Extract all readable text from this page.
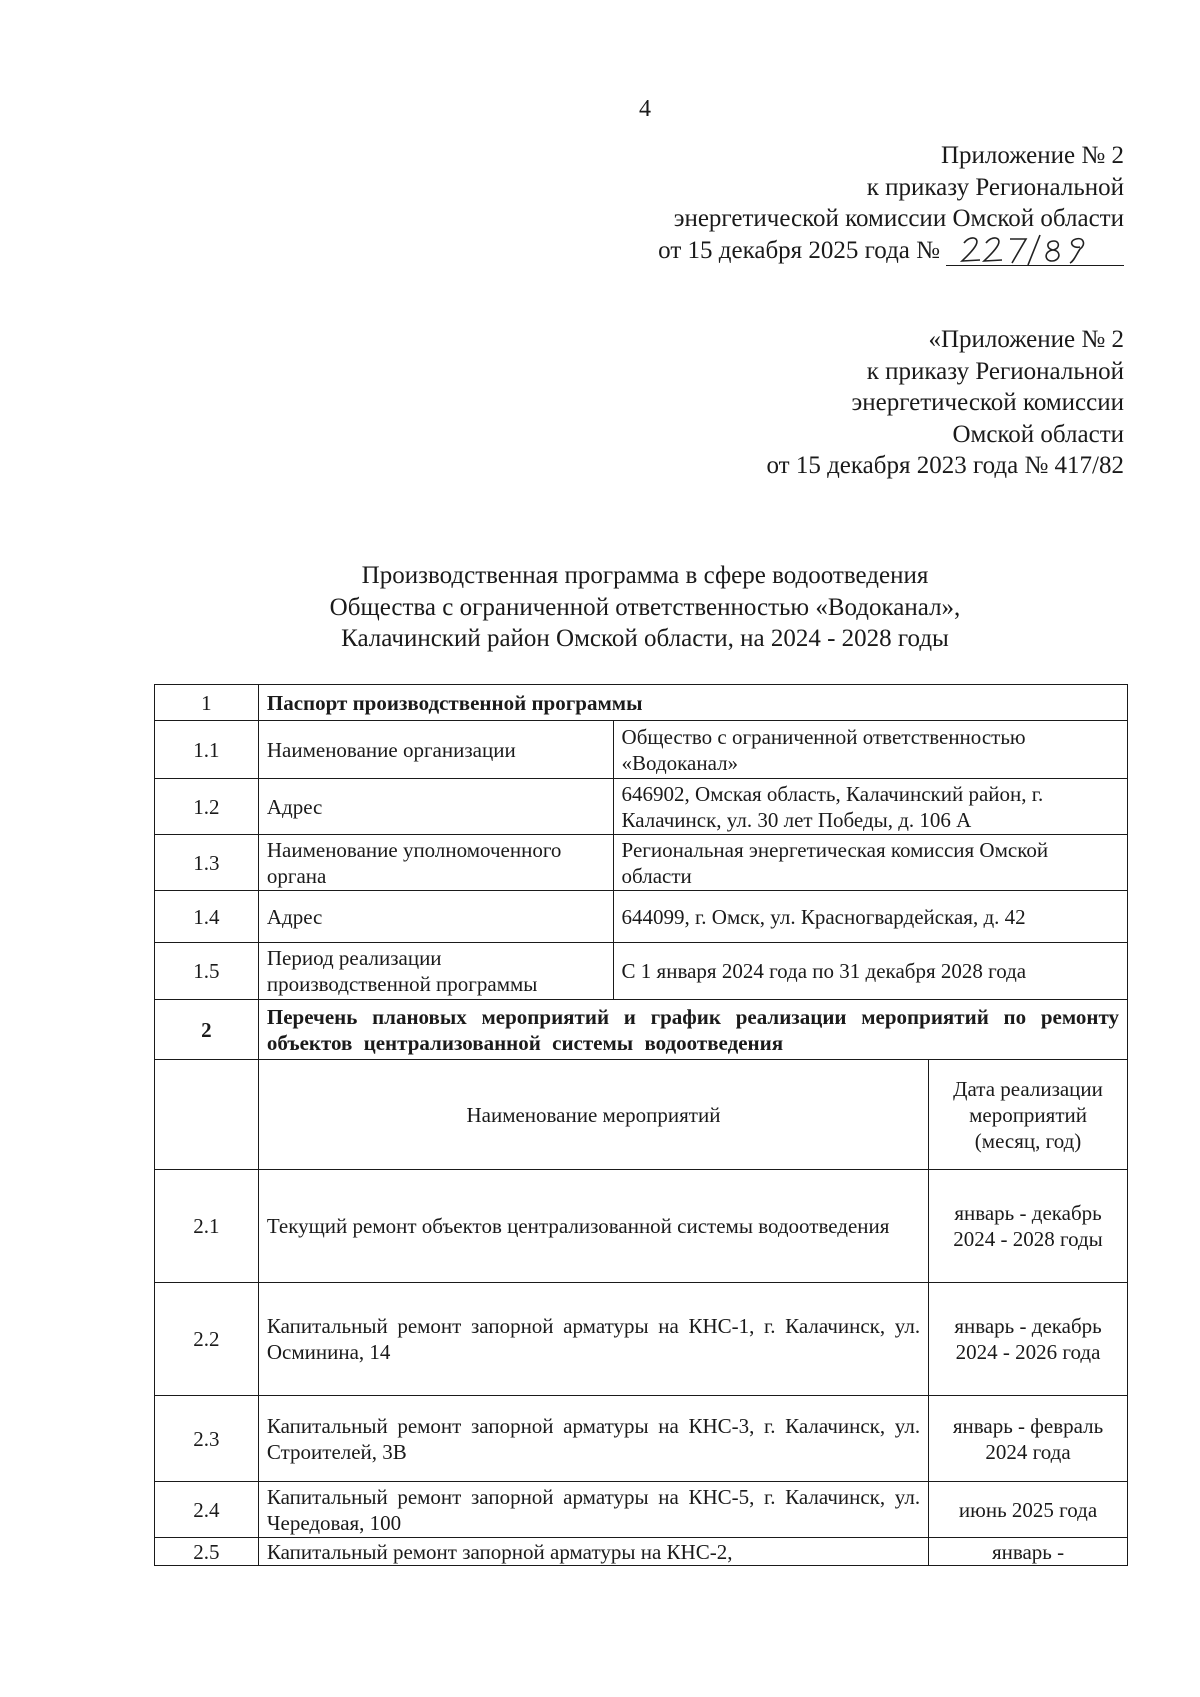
4
Приложение № 2
к приказу Региональной
энергетической комиссии Омской области
от 15 декабря 2025 года №
«Приложение № 2
к приказу Региональной
энергетической комиссии
Омской области
от 15 декабря 2023 года № 417/82
Производственная программа в сфере водоотведения
Общества с ограниченной ответственностью «Водоканал»,
Калачинский район Омской области, на 2024 - 2028 годы
1	Паспорт производственной программы		
1.1	Наименование организации	Общество с ограниченной ответственностью «Водоканал»	
1.2	Адрес	646902, Омская область, Калачинский район, г. Калачинск, ул. 30 лет Победы, д. 106 А	
1.3	Наименование уполномоченного органа	Региональная энергетическая комиссия Омской области	
1.4	Адрес	644099, г. Омск, ул. Красногвардейская, д. 42	
1.5	Период реализации производственной программы	С 1 января 2024 года по 31 декабря 2028 года	
2	Перечень плановых мероприятий и график реализации мероприятий по ремонту объектов централизованной системы водоотведения		
	Наименование мероприятий		Дата реализации мероприятий (месяц, год)
2.1	Текущий ремонт объектов централизованной системы водоотведения		январь - декабрь 2024 - 2028 годы
2.2	Капитальный ремонт запорной арматуры на КНС-1, г. Калачинск, ул. Осминина, 14		январь - декабрь 2024 - 2026 года
2.3	Капитальный ремонт запорной арматуры на КНС-3, г. Калачинск, ул. Строителей, 3В		январь - февраль 2024 года
2.4	Капитальный ремонт запорной арматуры на КНС-5, г. Калачинск, ул. Чередовая, 100		июнь 2025 года
2.5	Капитальный ремонт запорной арматуры на КНС-2,		январь -
